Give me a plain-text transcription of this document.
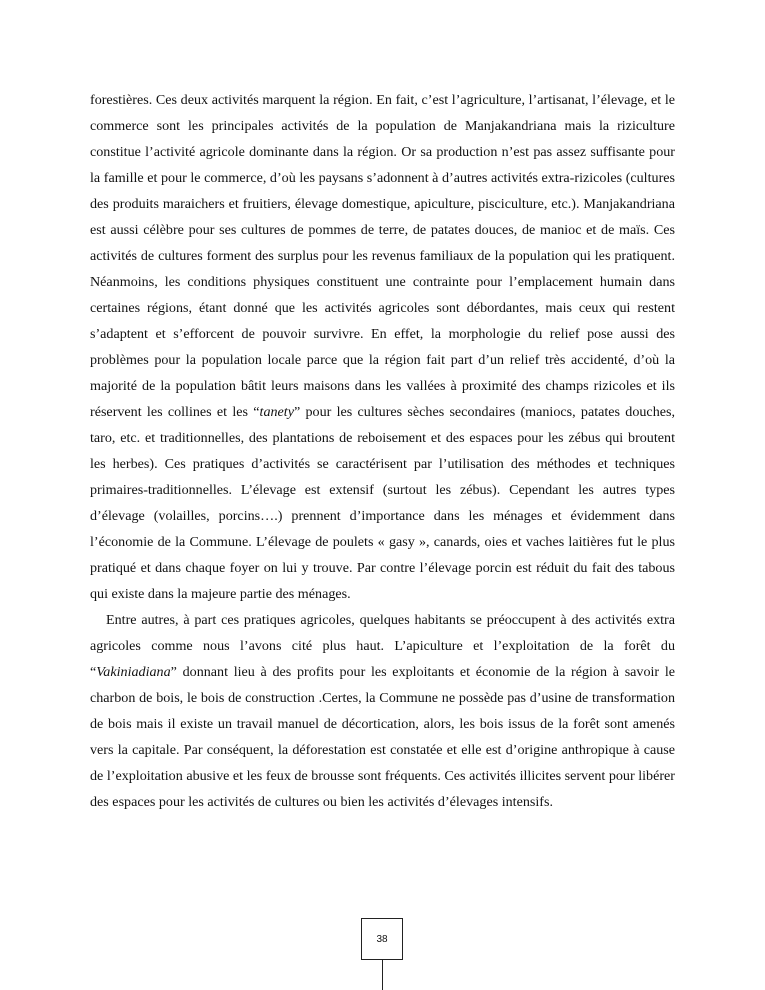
forestières. Ces deux activités marquent la région. En fait, c’est l’agriculture, l’artisanat, l’élevage, et le commerce sont les principales activités de la population de Manjakandriana mais la riziculture constitue l’activité agricole dominante dans la région. Or sa production n’est pas assez suffisante pour la famille et pour le commerce, d’où les paysans s’adonnent à d’autres activités extra-rizicoles (cultures des produits maraichers et fruitiers, élevage domestique, apiculture, pisciculture, etc.). Manjakandriana est aussi célèbre pour ses cultures de pommes de terre, de patates douces, de manioc et de maïs. Ces activités de cultures forment des surplus pour les revenus familiaux de la population qui les pratiquent. Néanmoins, les conditions physiques constituent une contrainte pour l’emplacement humain dans certaines régions, étant donné que les activités agricoles sont débordantes, mais ceux qui restent s’adaptent et s’efforcent de pouvoir survivre. En effet, la morphologie du relief pose aussi des problèmes pour la population locale parce que la région fait part d’un relief très accidenté, d’où la majorité de la population bâtit leurs maisons dans les vallées à proximité des champs rizicoles et ils réservent les collines et les “tanety” pour les cultures sèches secondaires (maniocs, patates douches, taro, etc. et traditionnelles, des plantations de reboisement et des espaces pour les zébus qui broutent les herbes). Ces pratiques d’activités se caractérisent par l’utilisation des méthodes et techniques primaires-traditionnelles. L’élevage est extensif (surtout les zébus). Cependant les autres types d’élevage (volailles, porcins….) prennent d’importance dans les ménages et évidemment dans l’économie de la Commune. L’élevage de poulets « gasy », canards, oies et vaches laitières fut le plus pratiqué et dans chaque foyer on lui y trouve. Par contre l’élevage porcin est réduit du fait des tabous qui existe dans la majeure partie des ménages.

Entre autres, à part ces pratiques agricoles, quelques habitants se préoccupent à des activités extra agricoles comme nous l’avons cité plus haut. L’apiculture et l’exploitation de la forêt du “Vakiniadiana” donnant lieu à des profits pour les exploitants et économie de la région à savoir le charbon de bois, le bois de construction .Certes, la Commune ne possède pas d’usine de transformation de bois mais il existe un travail manuel de décortication, alors, les bois issus de la forêt sont amenés vers la capitale. Par conséquent, la déforestation est constatée et elle est d’origine anthropique à cause de l’exploitation abusive et les feux de brousse sont fréquents. Ces activités illicites servent pour libérer des espaces pour les activités de cultures ou bien les activités d’élevages intensifs.

38
